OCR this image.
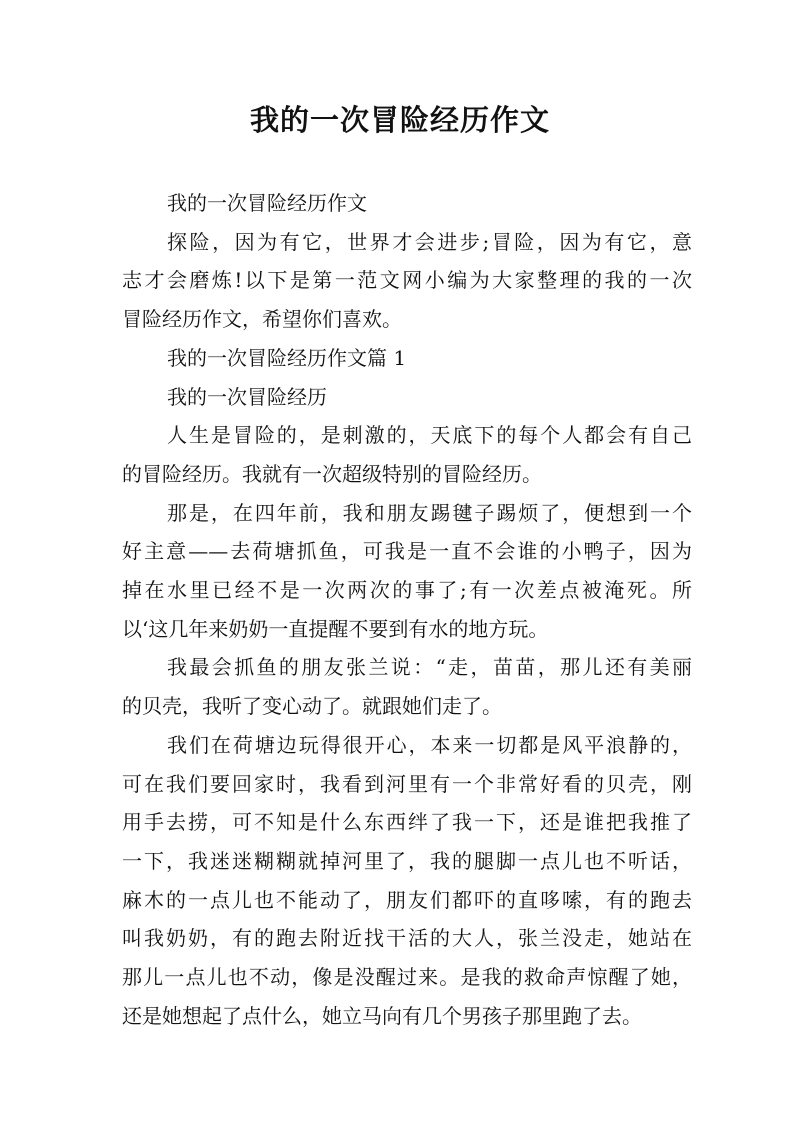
我的一次冒险经历作文
我的一次冒险经历作文
探险，因为有它，世界才会进步;冒险，因为有它，意
志才会磨炼!以下是第一范文网小编为大家整理的我的一次
冒险经历作文，希望你们喜欢。
我的一次冒险经历作文篇 1
我的一次冒险经历
人生是冒险的，是刺激的，天底下的每个人都会有自己
的冒险经历。我就有一次超级特别的冒险经历。
那是，在四年前，我和朋友踢毽子踢烦了，便想到一个
好主意——去荷塘抓鱼，可我是一直不会谁的小鸭子，因为
掉在水里已经不是一次两次的事了;有一次差点被淹死。所
以‘这几年来奶奶一直提醒不要到有水的地方玩。
我最会抓鱼的朋友张兰说：“走，苗苗，那儿还有美丽
的贝壳，我听了变心动了。就跟她们走了。
我们在荷塘边玩得很开心，本来一切都是风平浪静的，
可在我们要回家时，我看到河里有一个非常好看的贝壳，刚
用手去捞，可不知是什么东西绊了我一下，还是谁把我推了
一下，我迷迷糊糊就掉河里了，我的腿脚一点儿也不听话，
麻木的一点儿也不能动了，朋友们都吓的直哆嗦，有的跑去
叫我奶奶，有的跑去附近找干活的大人，张兰没走，她站在
那儿一点儿也不动，像是没醒过来。是我的救命声惊醒了她，
还是她想起了点什么，她立马向有几个男孩子那里跑了去。
